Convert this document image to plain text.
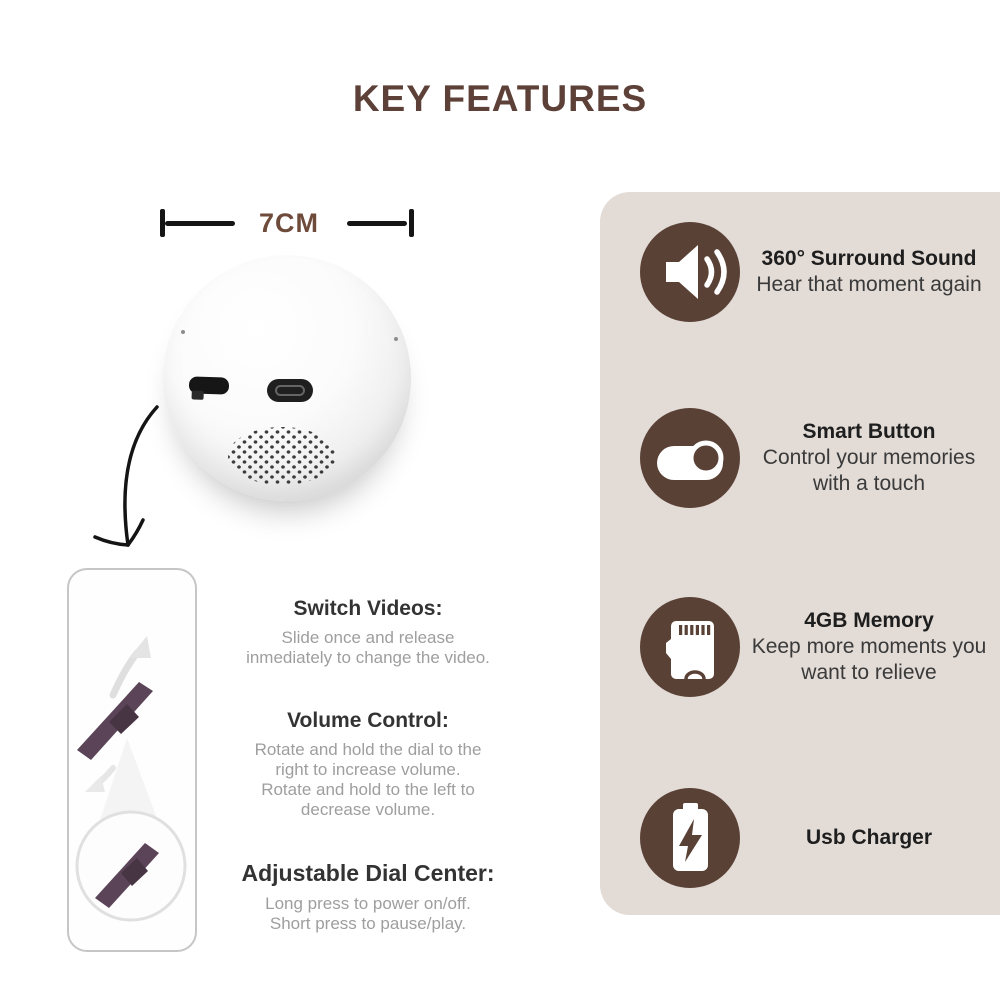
KEY FEATURES
7CM
Switch Videos:
Slide once and release
inmediately to change the video.
Volume Control:
Rotate and hold the dial to the
right to increase volume.
Rotate and hold to the left to
decrease volume.
Adjustable Dial Center:
Long press to power on/off.
Short press to pause/play.
360° Surround Sound
Hear that moment again
Smart Button
Control your memories
with a touch
4GB Memory
Keep more moments you
want to relieve
Usb Charger
